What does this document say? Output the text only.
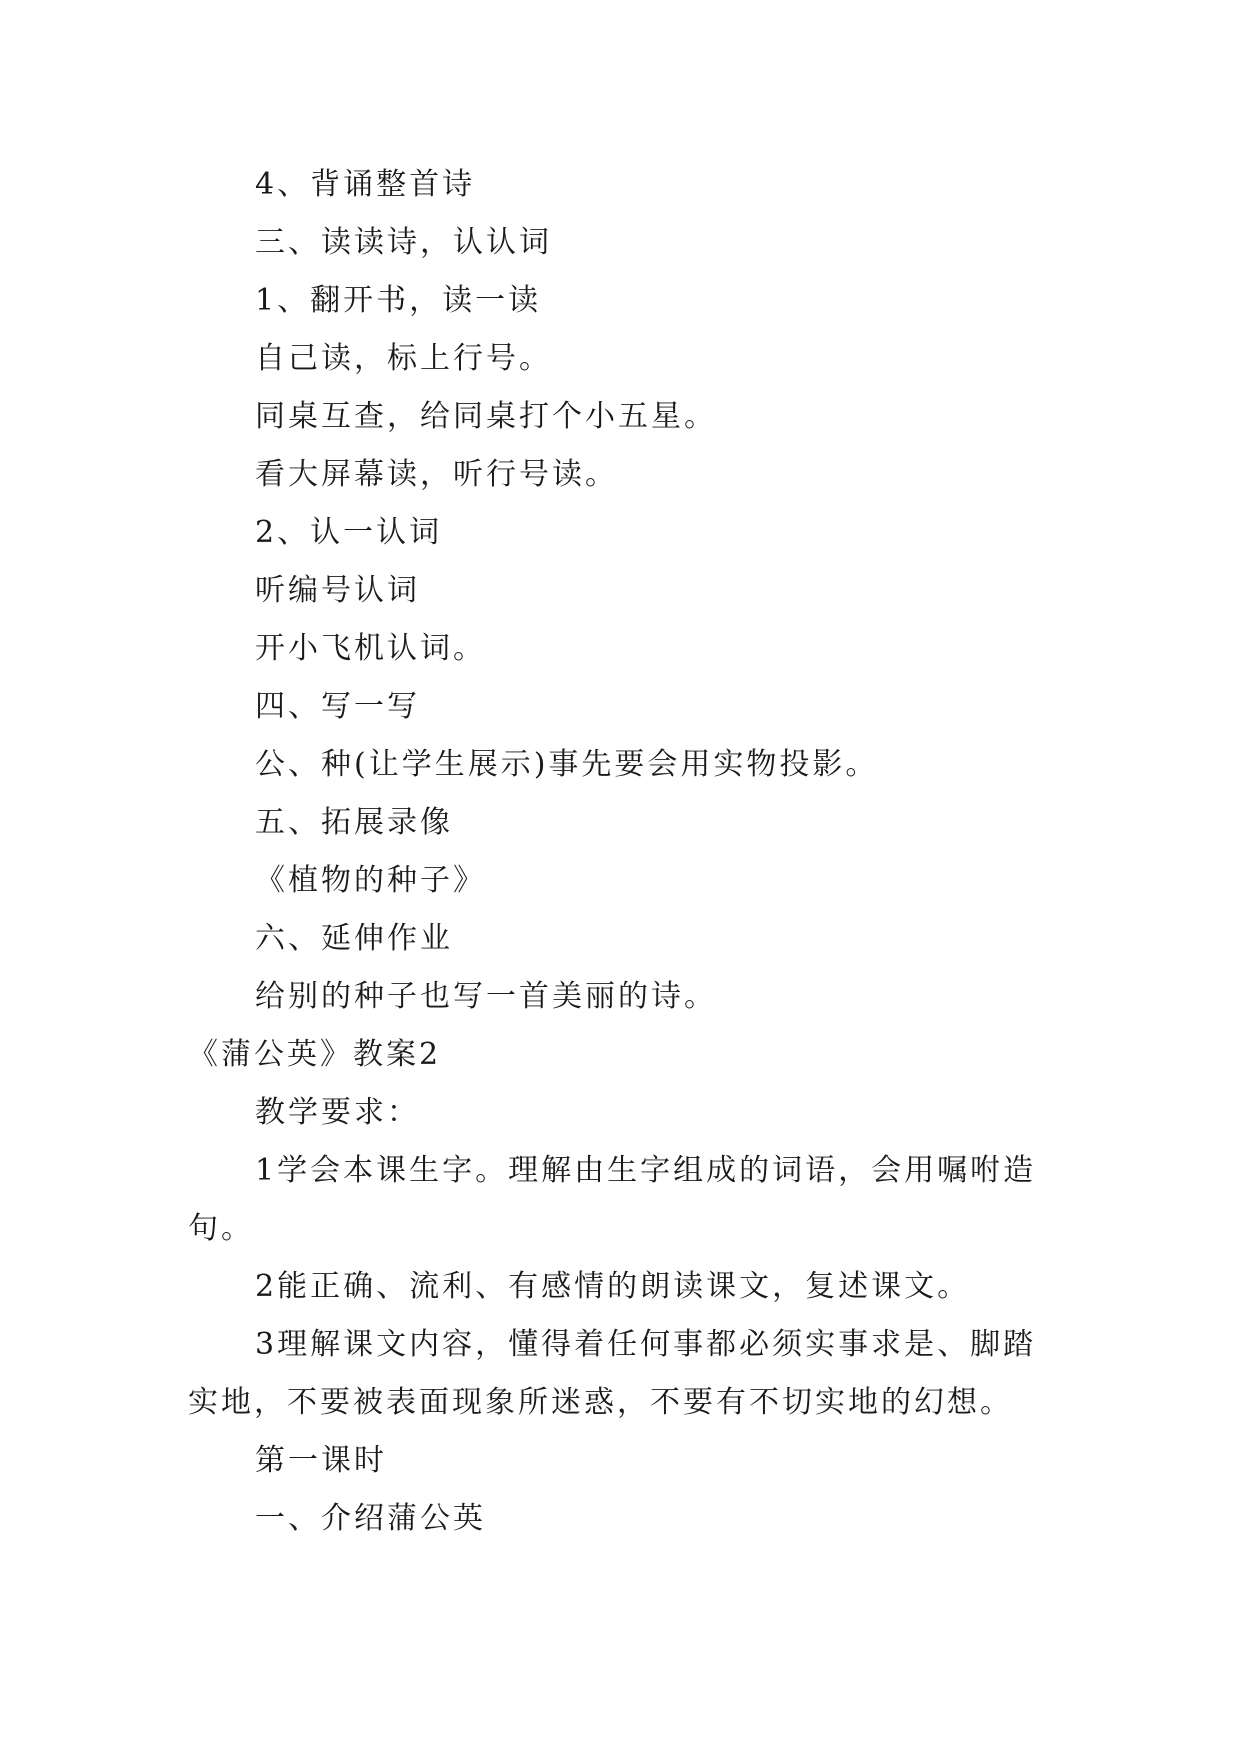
4、背诵整首诗
三、读读诗，认认词
1、翻开书，读一读
自己读，标上行号。
同桌互查，给同桌打个小五星。
看大屏幕读，听行号读。
2、认一认词
听编号认词
开小飞机认词。
四、写一写
公、种(让学生展示)事先要会用实物投影。
五、拓展录像
《植物的种子》
六、延伸作业
给别的种子也写一首美丽的诗。
《蒲公英》教案2
教学要求：
1学会本课生字。理解由生字组成的词语，会用嘱咐造
句。
2能正确、流利、有感情的朗读课文，复述课文。
3理解课文内容，懂得着任何事都必须实事求是、脚踏
实地，不要被表面现象所迷惑，不要有不切实地的幻想。
第一课时
一、介绍蒲公英
